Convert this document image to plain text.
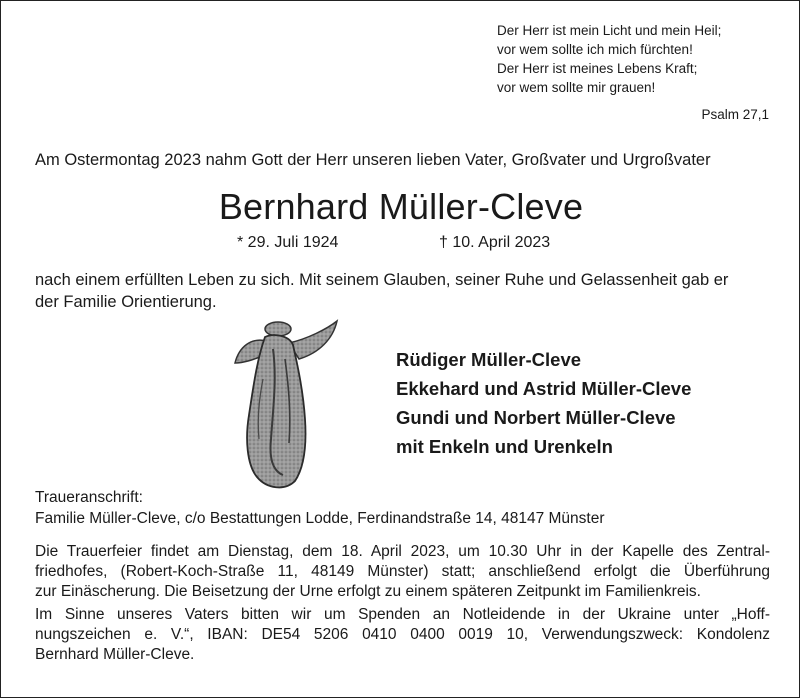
Der Herr ist mein Licht und mein Heil;
vor wem sollte ich mich fürchten!
Der Herr ist meines Lebens Kraft;
vor wem sollte mir grauen!
Psalm 27,1
Am Ostermontag 2023 nahm Gott der Herr unseren lieben Vater, Großvater und Urgroßvater
Bernhard Müller-Cleve
* 29. Juli 1924	† 10. April 2023
nach einem erfüllten Leben zu sich. Mit seinem Glauben, seiner Ruhe und Gelassenheit gab er
der Familie Orientierung.
Rüdiger Müller-Cleve
Ekkehard und Astrid Müller-Cleve
Gundi und Norbert Müller-Cleve
mit Enkeln und Urenkeln
Traueranschrift:
Familie Müller-Cleve, c/o Bestattungen Lodde, Ferdinandstraße 14, 48147 Münster
Die Trauerfeier findet am Dienstag, dem 18. April 2023, um 10.30 Uhr in der Kapelle des Zentral-
friedhofes, (Robert-Koch-Straße 11, 48149 Münster) statt; anschließend erfolgt die Überführung
zur Einäscherung. Die Beisetzung der Urne erfolgt zu einem späteren Zeitpunkt im Familienkreis.
Im Sinne unseres Vaters bitten wir um Spenden an Notleidende in der Ukraine unter „Hoff-
nungszeichen e. V.“, IBAN: DE54 5206 0410 0400 0019 10, Verwendungszweck: Kondolenz
Bernhard Müller-Cleve.
